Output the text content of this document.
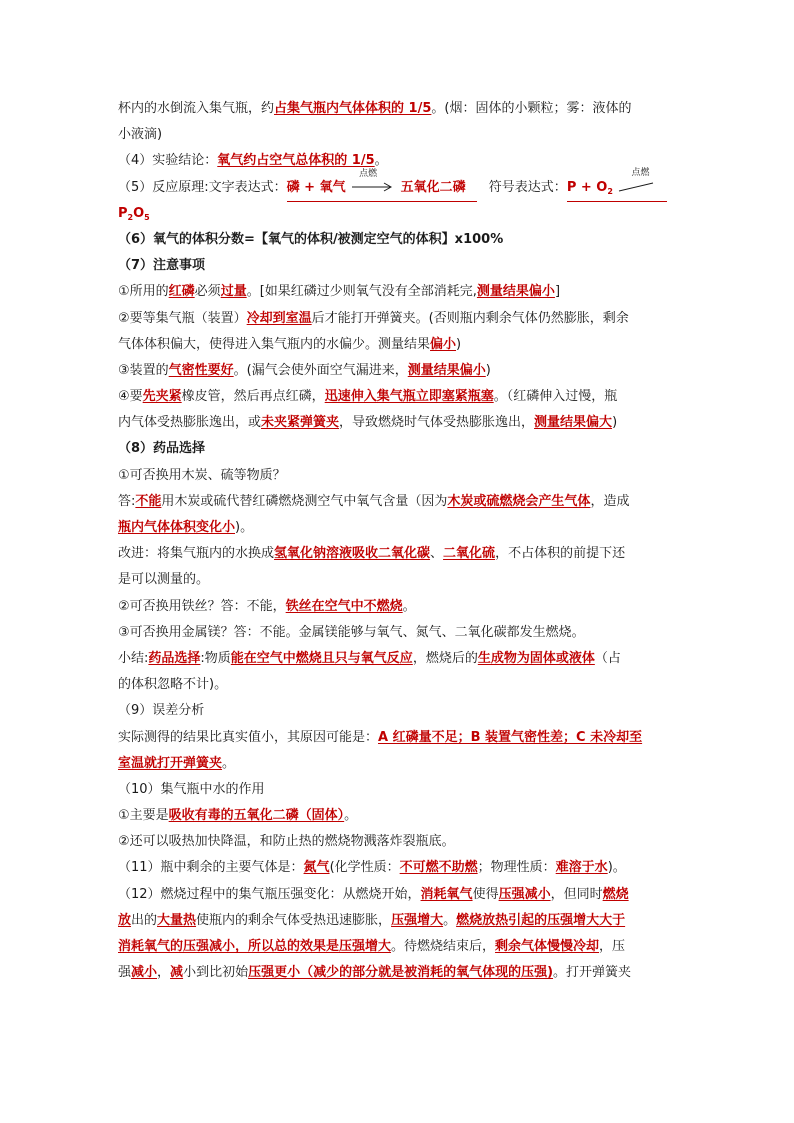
杯内的水倒流入集气瓶，约占集气瓶内气体体积的 1/5。(烟：固体的小颗粒；雾：液体的
小液滴)
（4）实验结论：氧气约占空气总体积的 1/5。
（5）反应原理:文字表达式：磷 + 氧气
点燃
五氧化二磷 符号表达式：$P + O_2$
点燃
$P_2O_5$
（6）氧气的体积分数=【氧气的体积/被测定空气的体积】x100%
（7）注意事项
①所用的红磷必须过量。[如果红磷过少则氧气没有全部消耗完,测量结果偏小]
②要等集气瓶（装置）冷却到室温后才能打开弹簧夹。(否则瓶内剩余气体仍然膨胀，剩余
气体体积偏大，使得进入集气瓶内的水偏少。测量结果偏小)
③装置的气密性要好。(漏气会使外面空气漏进来，测量结果偏小)
④要先夹紧橡皮管，然后再点红磷，迅速伸入集气瓶立即塞紧瓶塞。（红磷伸入过慢，瓶
内气体受热膨胀逸出，或未夹紧弹簧夹，导致燃烧时气体受热膨胀逸出，测量结果偏大)
（8）药品选择
①可否换用木炭、硫等物质？
答:不能用木炭或硫代替红磷燃烧测空气中氧气含量（因为木炭或硫燃烧会产生气体，造成
瓶内气体体积变化小)。
改进：将集气瓶内的水换成氢氧化钠溶液吸收二氧化碳、二氧化硫，不占体积的前提下还
是可以测量的。
②可否换用铁丝？答：不能，铁丝在空气中不燃烧。
③可否换用金属镁？答：不能。金属镁能够与氧气、氮气、二氧化碳都发生燃烧。
小结:药品选择:物质能在空气中燃烧且只与氧气反应，燃烧后的生成物为固体或液体（占
的体积忽略不计)。
（9）误差分析
实际测得的结果比真实值小，其原因可能是：A 红磷量不足；B 装置气密性差；C 未冷却至
室温就打开弹簧夹。
（10）集气瓶中水的作用
①主要是吸收有毒的五氧化二磷（固体）。
②还可以吸热加快降温，和防止热的燃烧物溅落炸裂瓶底。
（11）瓶中剩余的主要气体是：氮气(化学性质：不可燃不助燃；物理性质：难溶于水)。
（12）燃烧过程中的集气瓶压强变化：从燃烧开始，消耗氧气使得压强减小，但同时燃烧
放出的大量热使瓶内的剩余气体受热迅速膨胀，压强增大。燃烧放热引起的压强增大大于
消耗氧气的压强减小，所以总的效果是压强增大。待燃烧结束后，剩余气体慢慢冷却，压
强减小，减小到比初始压强更小（减少的部分就是被消耗的氧气体现的压强)。打开弹簧夹
